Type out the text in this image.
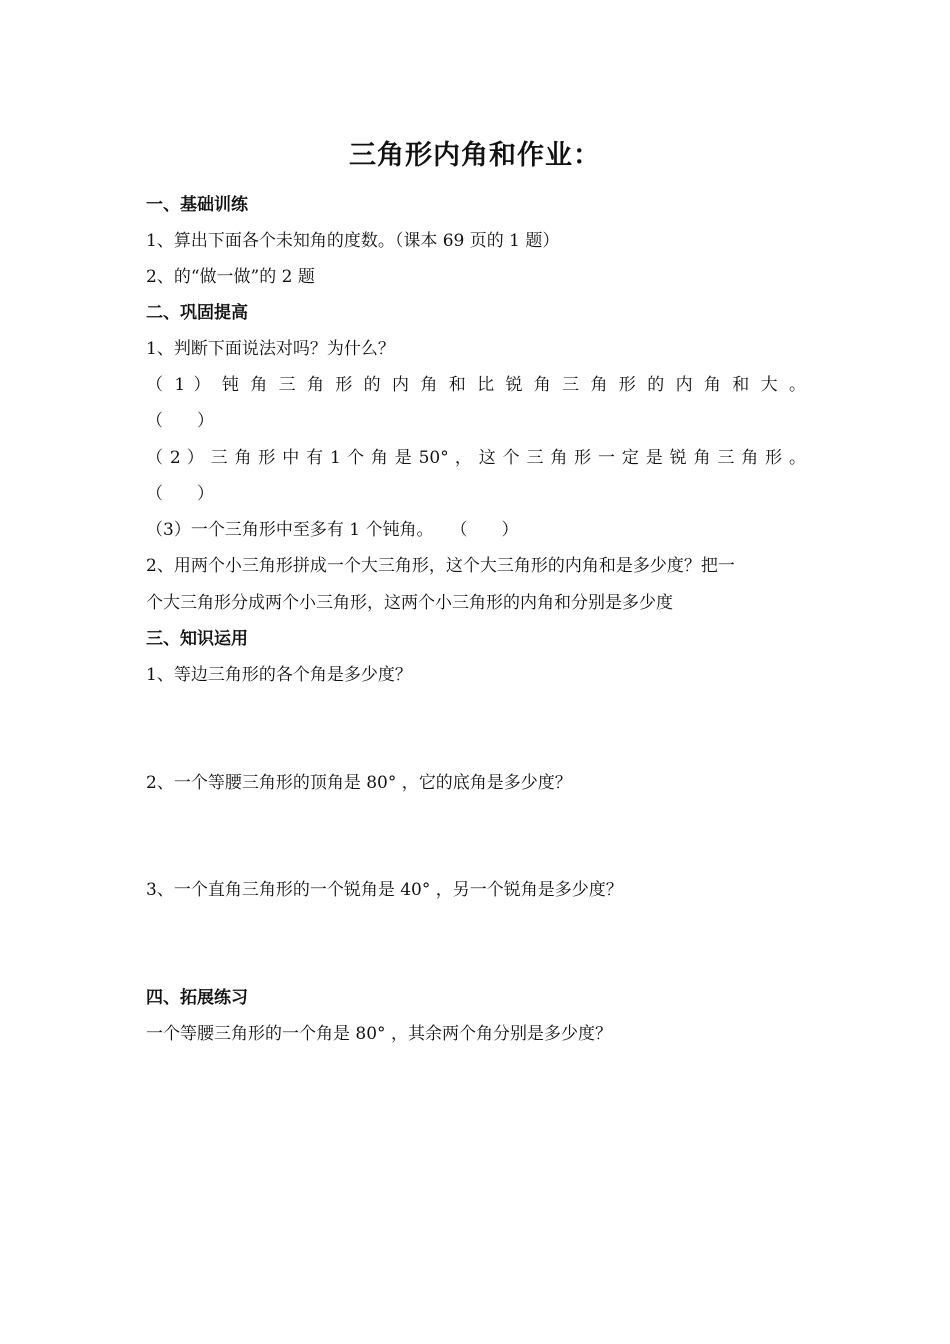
三角形内角和作业：
一、基础训练
1、算出下面各个未知角的度数。（课本 69 页的 1 题）
2、的“做一做”的 2 题
二、巩固提高
1、判断下面说法对吗？为什么？
（ 1 ） 钝 角 三 角 形 的 内 角 和 比 锐 角 三 角 形 的 内 角 和 大 。
（　　）
（ 2 ） 三 角 形 中 有 1 个 角 是 50° ， 这 个 三 角 形 一 定 是 锐 角 三 角 形 。
（　　）
（3）一个三角形中至多有 1 个钝角。　　（　　）
2、用两个小三角形拼成一个大三角形，这个大三角形的内角和是多少度？把一
个大三角形分成两个小三角形，这两个小三角形的内角和分别是多少度
三、知识运用
1、等边三角形的各个角是多少度？
2、一个等腰三角形的顶角是 80° ，它的底角是多少度？
3、一个直角三角形的一个锐角是 40° ，另一个锐角是多少度？
四、拓展练习
一个等腰三角形的一个角是 80° ，其余两个角分别是多少度？
